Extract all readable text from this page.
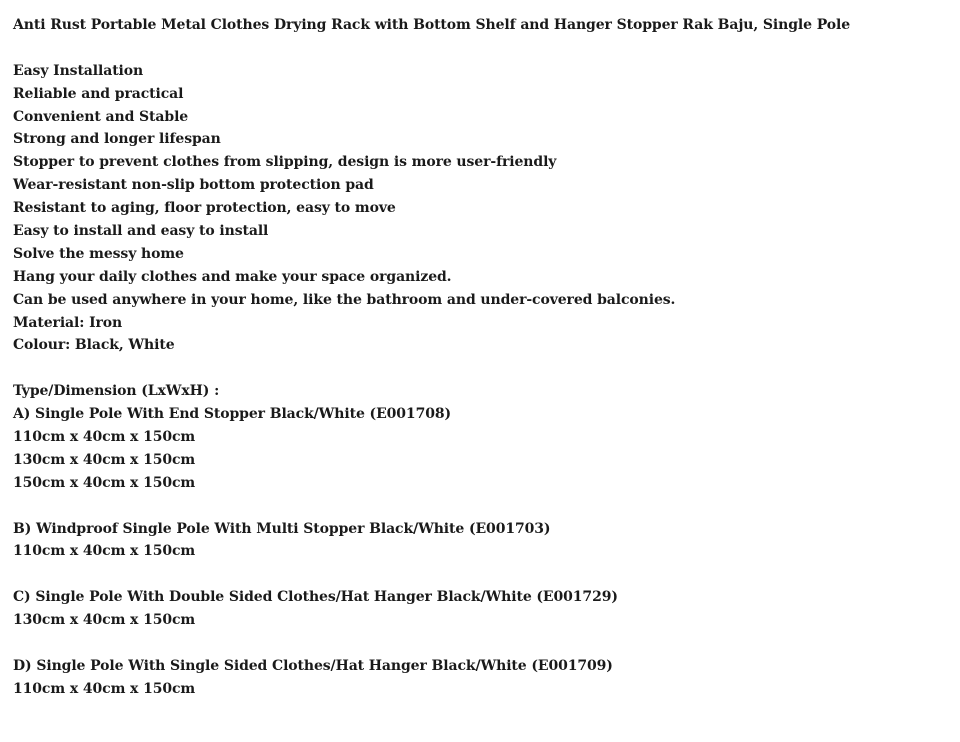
Anti Rust Portable Metal Clothes Drying Rack with Bottom Shelf and Hanger Stopper Rak Baju, Single Pole
Easy Installation
Reliable and practical
Convenient and Stable
Strong and longer lifespan
Stopper to prevent clothes from slipping, design is more user-friendly
Wear-resistant non-slip bottom protection pad
Resistant to aging, floor protection, easy to move
Easy to install and easy to install
Solve the messy home
Hang your daily clothes and make your space organized.
Can be used anywhere in your home, like the bathroom and under-covered balconies.
Material: Iron
Colour: Black, White
Type/Dimension (LxWxH) :
A) Single Pole With End Stopper Black/White (E001708)
110cm x 40cm x 150cm
130cm x 40cm x 150cm
150cm x 40cm x 150cm
B) Windproof Single Pole With Multi Stopper Black/White (E001703)
110cm x 40cm x 150cm
C) Single Pole With Double Sided Clothes/Hat Hanger Black/White (E001729)
130cm x 40cm x 150cm
D) Single Pole With Single Sided Clothes/Hat Hanger Black/White (E001709)
110cm x 40cm x 150cm
